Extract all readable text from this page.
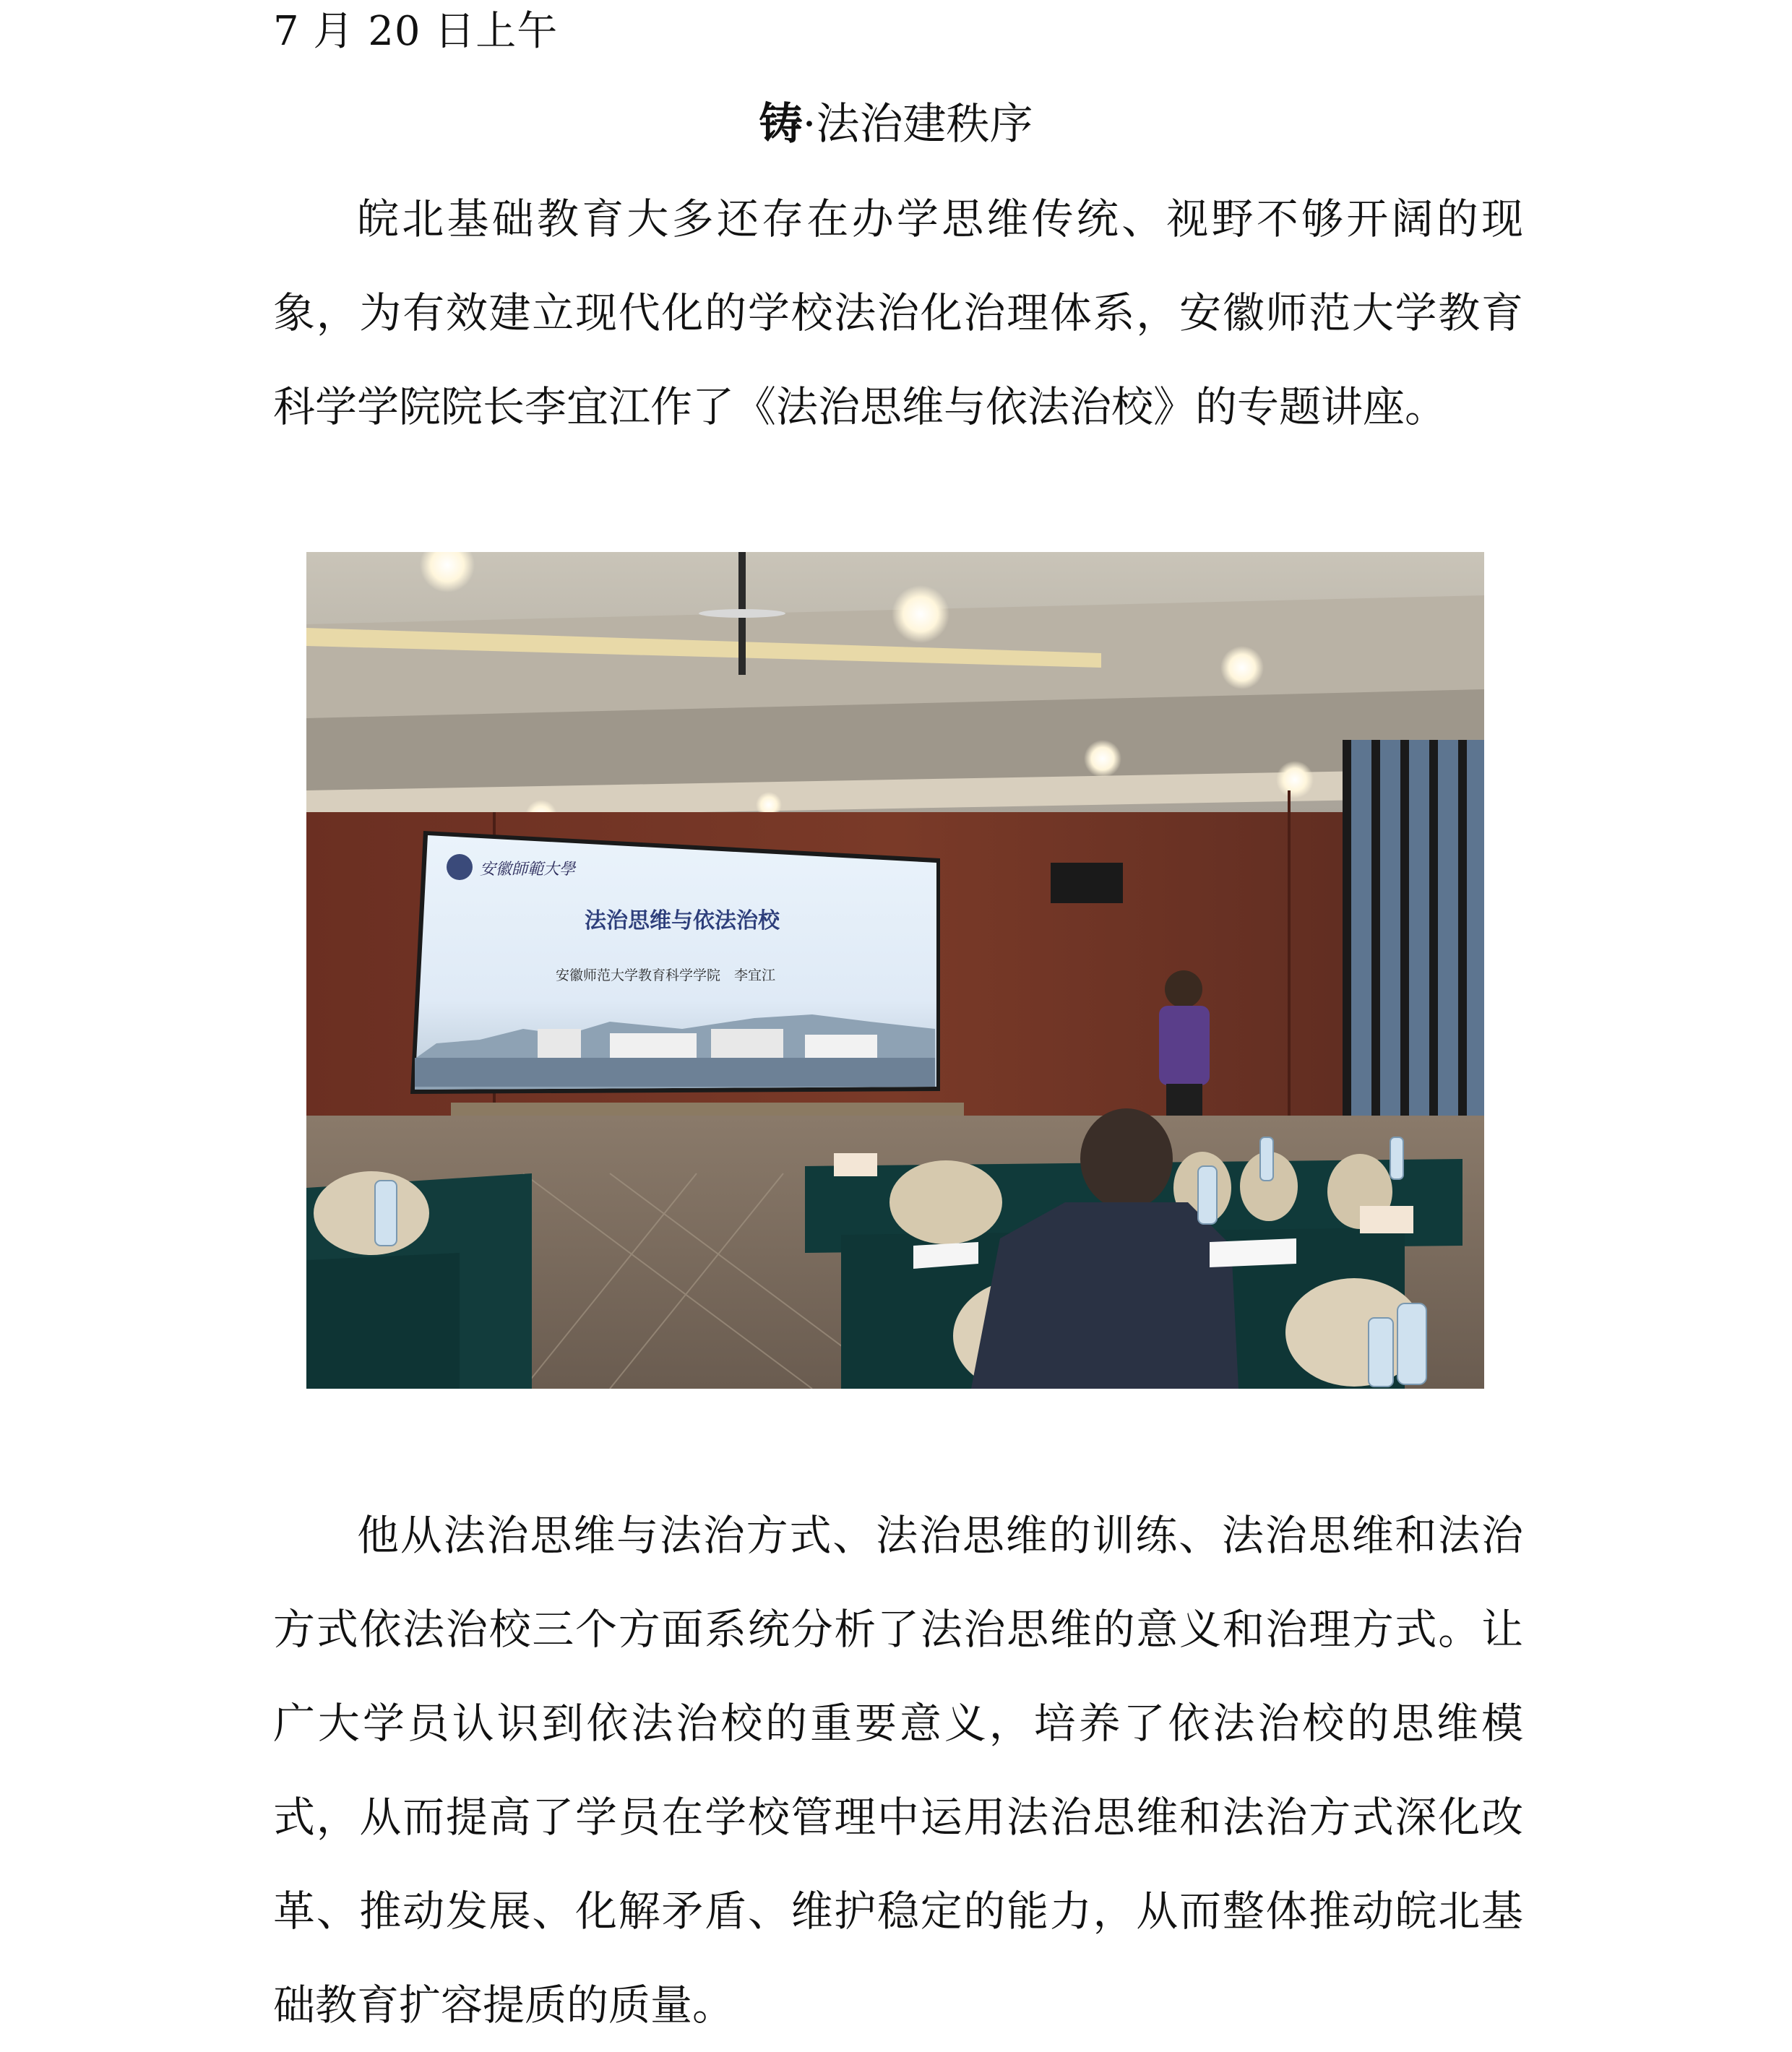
7 月 20 日上午
铸·法治建秩序

皖北基础教育大多还存在办学思维传统、视野不够开阔的现象，为有效建立现代化的学校法治化治理体系，安徽师范大学教育科学学院院长李宜江作了《法治思维与依法治校》的专题讲座。

安徽師範大學
法治思维与依法治校
安徽师范大学教育科学学院　李宜江

他从法治思维与法治方式、法治思维的训练、法治思维和法治方式依法治校三个方面系统分析了法治思维的意义和治理方式。让广大学员认识到依法治校的重要意义，培养了依法治校的思维模式，从而提高了学员在学校管理中运用法治思维和法治方式深化改革、推动发展、化解矛盾、维护稳定的能力，从而整体推动皖北基础教育扩容提质的质量。
